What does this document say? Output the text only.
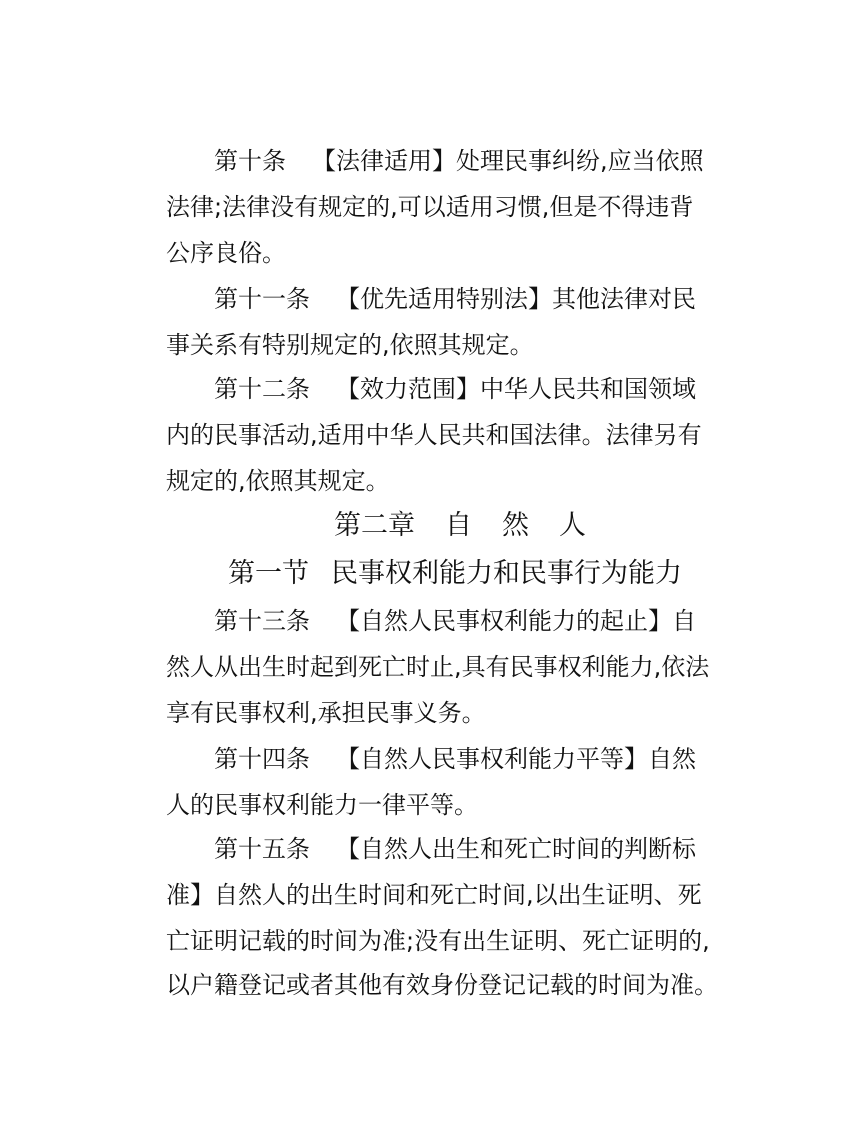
第十条 【法律适用】处理民事纠纷,应当依照
法律;法律没有规定的,可以适用习惯,但是不得违背
公序良俗。
第十一条 【优先适用特别法】其他法律对民
事关系有特别规定的,依照其规定。
第十二条 【效力范围】中华人民共和国领域
内的民事活动,适用中华人民共和国法律。法律另有
规定的,依照其规定。
第二章 自 然 人
第一节 民事权利能力和民事行为能力
第十三条 【自然人民事权利能力的起止】自
然人从出生时起到死亡时止,具有民事权利能力,依法
享有民事权利,承担民事义务。
第十四条 【自然人民事权利能力平等】自然
人的民事权利能力一律平等。
第十五条 【自然人出生和死亡时间的判断标
准】自然人的出生时间和死亡时间,以出生证明、死
亡证明记载的时间为准;没有出生证明、死亡证明的,
以户籍登记或者其他有效身份登记记载的时间为准。
